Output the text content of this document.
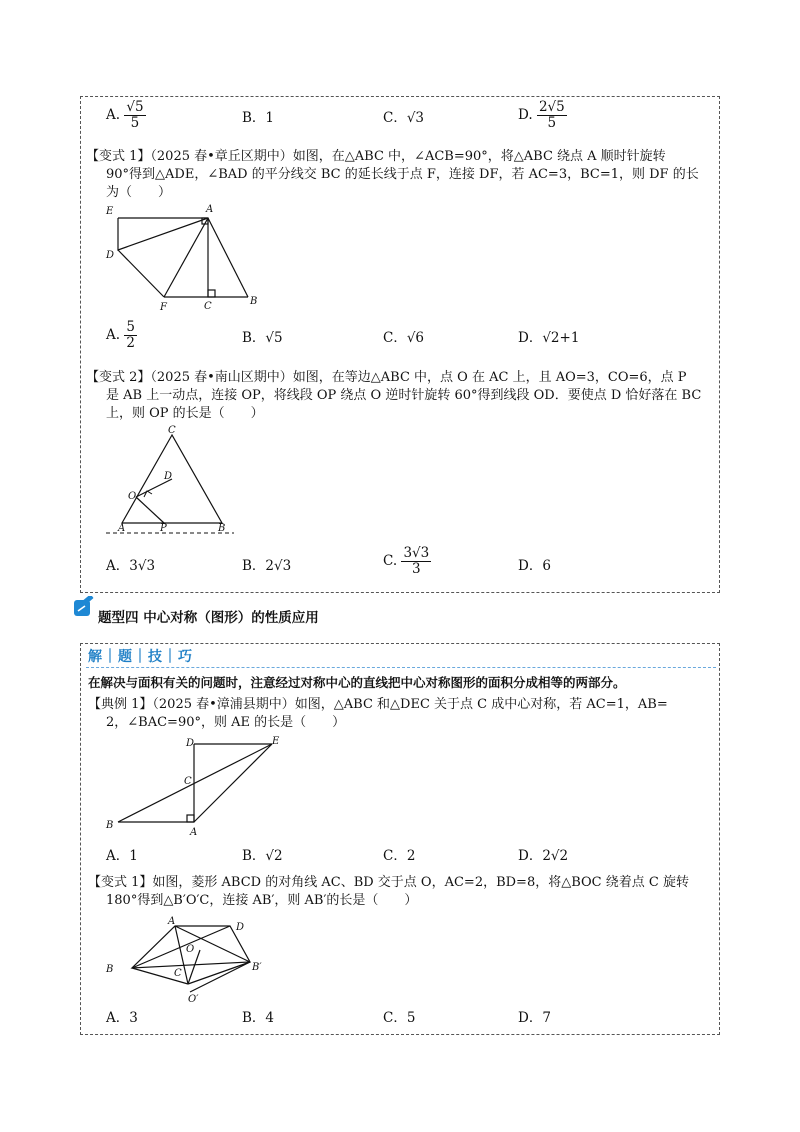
A. $\frac{√5}{5}$	B．1	C．√3	D. $\frac{2√5}{5}$
【变式 1】（2025 春•章丘区期中）如图，在△ABC 中，∠ACB=90°，将△ABC 绕点 A 顺时针旋转
90°得到△ADE，∠BAD 的平分线交 BC 的延长线于点 F，连接 DF，若 AC=3，BC=1，则 DF 的长
为（　　）
E	A
D
F	C	B
A. $\frac{5}{2}$	B．√5	C．√6	D．√2+1
【变式 2】（2025 春•南山区期中）如图，在等边△ABC 中，点 O 在 AC 上，且 AO=3，CO=6，点 P
是 AB 上一动点，连接 OP，将线段 OP 绕点 O 逆时针旋转 60°得到线段 OD．要使点 D 恰好落在 BC
上，则 OP 的长是（　　）
C
D
O
A	P	B
A．3√3	B．2√3	C. $\frac{3√3}{3}$	D．6
题型四 中心对称（图形）的性质应用
解｜题｜技｜巧
在解决与面积有关的问题时，注意经过对称中心的直线把中心对称图形的面积分成相等的两部分。
【典例 1】（2025 春•漳浦县期中）如图，△ABC 和△DEC 关于点 C 成中心对称，若 AC=1，AB=
2，∠BAC=90°，则 AE 的长是（　　）
D	E
C
B
A
A．1	B．√2	C．2	D．2√2
【变式 1】如图，菱形 ABCD 的对角线 AC、BD 交于点 O，AC=2，BD=8，将△BOC 绕着点 C 旋转
180°得到△B′O′C，连接 AB′，则 AB′的长是（　　）
A
D
O
B	C
B′
O′
A．3	B．4	C．5	D．7
